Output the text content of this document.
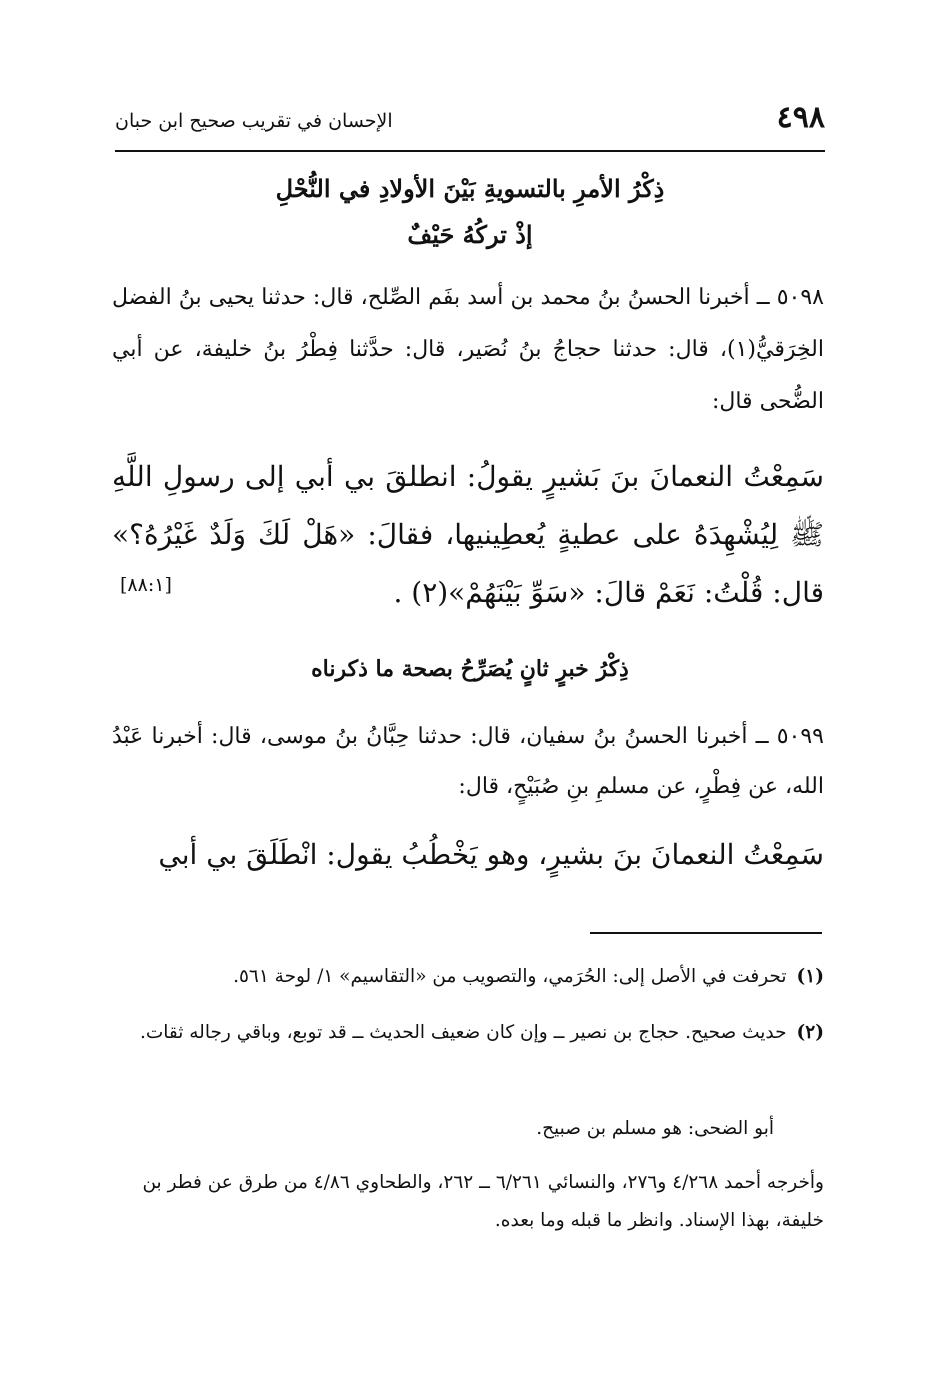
٤٩٨
الإحسان في تقريب صحيح ابن حبان
ذِكْرُ الأمرِ بالتسويةِ بَيْنَ الأولادِ في النُّحْلِ
إذْ تركُهُ حَيْفٌ
٥٠٩٨ ــ أخبرنا الحسنُ بنُ محمد بن أسد بفَم الصِّلح، قال: حدثنا يحيى بنُ الفضل الخِرَقيُّ(١)، قال: حدثنا حجاجُ بنُ نُصَير، قال: حدَّثنا فِطْرُ بنُ خليفة، عن أبي الضُّحى قال:
سَمِعْتُ النعمانَ بنَ بَشيرٍ يقولُ: انطلقَ بي أبي إلى رسولِ اللَّهِ ﷺ لِيُشْهِدَهُ على عطيةٍ يُعطِينيها، فقالَ: «هَلْ لَكَ وَلَدٌ غَيْرُهُ؟» قال: قُلْتُ: نَعَمْ قالَ: «سَوِّ بَيْنَهُمْ»(٢) .
[٨٨:١]
ذِكْرُ خبرٍ ثانٍ يُصَرِّحُ بصحة ما ذكرناه
٥٠٩٩ ــ أخبرنا الحسنُ بنُ سفيان، قال: حدثنا حِبَّانُ بنُ موسى، قال: أخبرنا عَبْدُ الله، عن فِطْرٍ، عن مسلمِ بنِ صُبَيْحٍ، قال:
سَمِعْتُ النعمانَ بنَ بشيرٍ، وهو يَخْطُبُ يقول: انْطَلَقَ بي أبي
(١)تحرفت في الأصل إلى: الحُرَمي، والتصويب من «التقاسيم» ١/ لوحة ٥٦١.
(٢)حديث صحيح. حجاج بن نصير ــ وإن كان ضعيف الحديث ــ قد توبع، وباقي رجاله ثقات.
أبو الضحى: هو مسلم بن صبيح.
وأخرجه أحمد ٤/٢٦٨ و٢٧٦، والنسائي ٦/٢٦١ ــ ٢٦٢، والطحاوي ٤/٨٦ من طرق عن فطر بن خليفة، بهذا الإسناد. وانظر ما قبله وما بعده.
